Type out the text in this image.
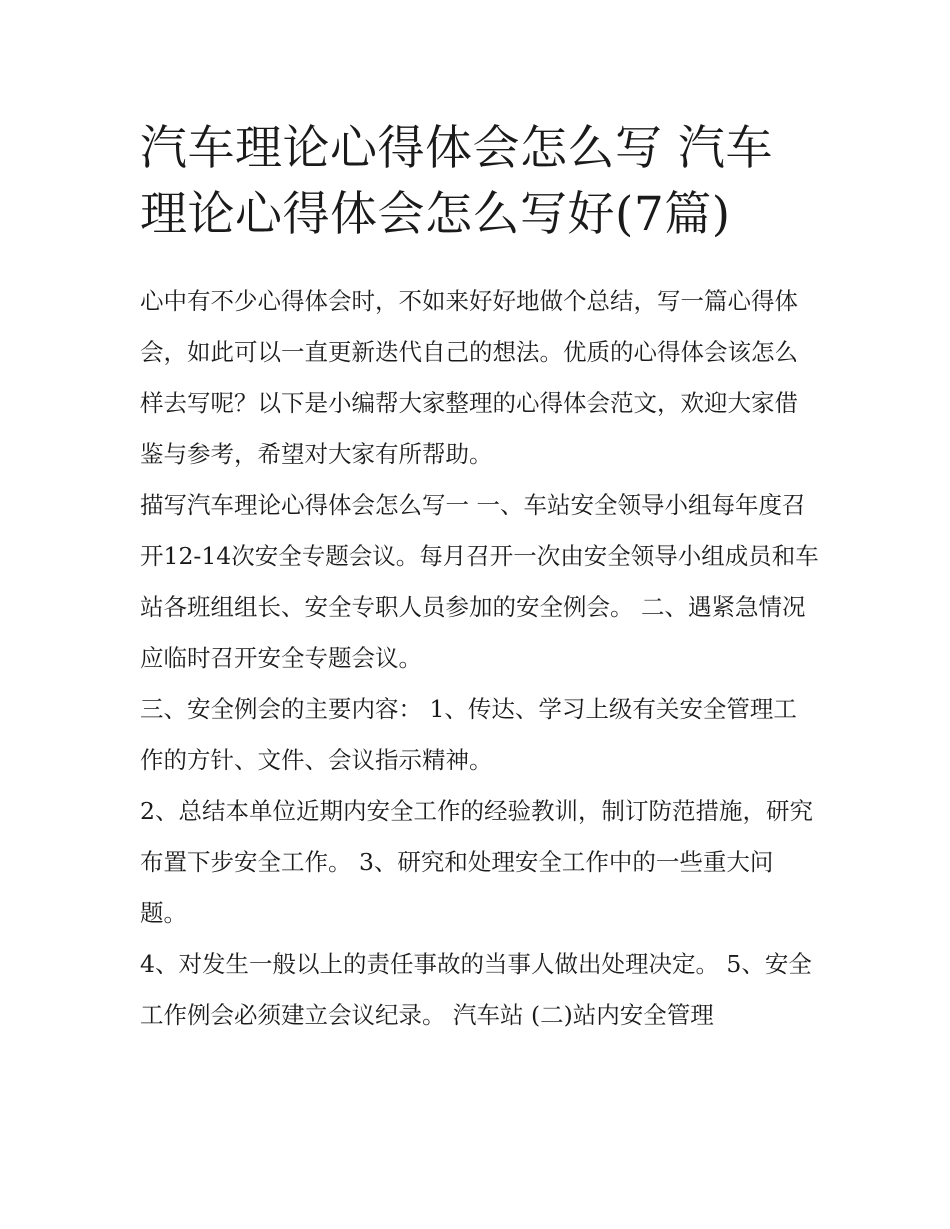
汽车理论心得体会怎么写 汽车理论心得体会怎么写好(7篇)

心中有不少心得体会时，不如来好好地做个总结，写一篇心得体会，如此可以一直更新迭代自己的想法。优质的心得体会该怎么样去写呢？以下是小编帮大家整理的心得体会范文，欢迎大家借鉴与参考，希望对大家有所帮助。

描写汽车理论心得体会怎么写一 一、车站安全领导小组每年度召

开12-14次安全专题会议。每月召开一次由安全领导小组成员和车站各班组组长、安全专职人员参加的安全例会。 二、遇紧急情况应临时召开安全专题会议。

三、安全例会的主要内容： 1、传达、学习上级有关安全管理工作的方针、文件、会议指示精神。

2、总结本单位近期内安全工作的经验教训，制订防范措施，研究布置下步安全工作。 3、研究和处理安全工作中的一些重大问题。

4、对发生一般以上的责任事故的当事人做出处理决定。 5、安全工作例会必须建立会议纪录。 汽车站 (二)站内安全管理
